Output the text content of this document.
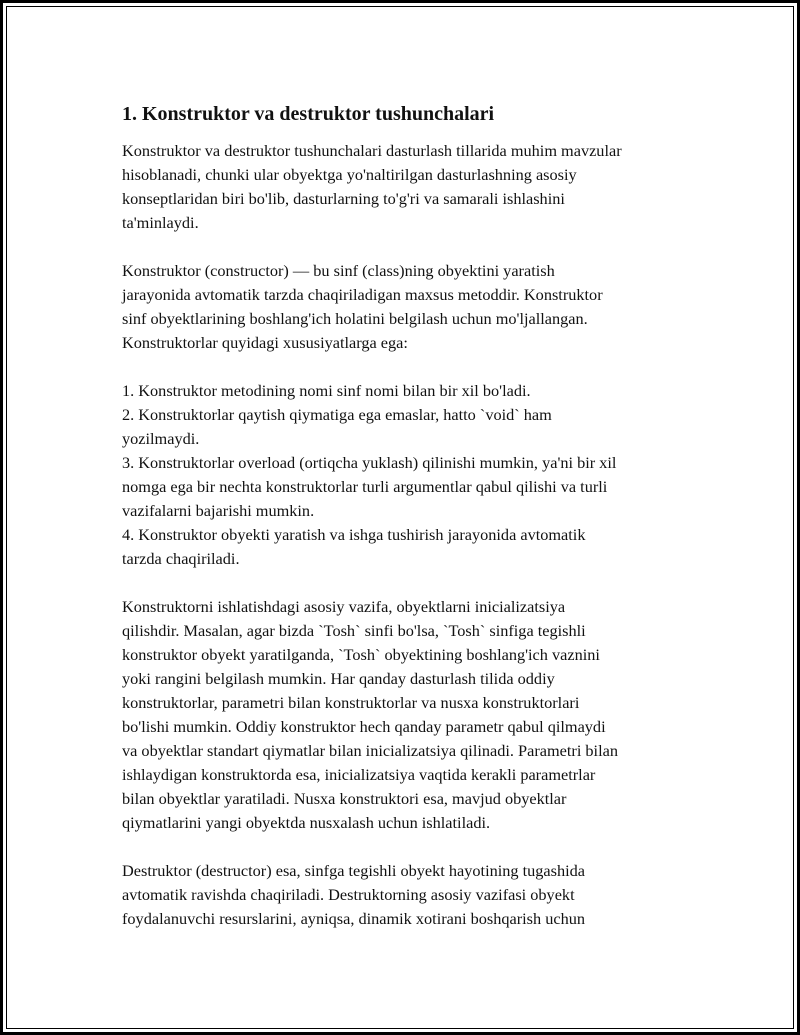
1. Konstruktor va destruktor tushunchalari

Konstruktor va destruktor tushunchalari dasturlash tillarida muhim mavzular
hisoblanadi, chunki ular obyektga yo'naltirilgan dasturlashning asosiy
konseptlaridan biri bo'lib, dasturlarning to'g'ri va samarali ishlashini
ta'minlaydi.

Konstruktor (constructor) — bu sinf (class)ning obyektini yaratish
jarayonida avtomatik tarzda chaqiriladigan maxsus metoddir. Konstruktor
sinf obyektlarining boshlang'ich holatini belgilash uchun mo'ljallangan.
Konstruktorlar quyidagi xususiyatlarga ega:

1. Konstruktor metodining nomi sinf nomi bilan bir xil bo'ladi.
2. Konstruktorlar qaytish qiymatiga ega emaslar, hatto `void` ham
yozilmaydi.
3. Konstruktorlar overload (ortiqcha yuklash) qilinishi mumkin, ya'ni bir xil
nomga ega bir nechta konstruktorlar turli argumentlar qabul qilishi va turli
vazifalarni bajarishi mumkin.
4. Konstruktor obyekti yaratish va ishga tushirish jarayonida avtomatik
tarzda chaqiriladi.

Konstruktorni ishlatishdagi asosiy vazifa, obyektlarni inicializatsiya
qilishdir. Masalan, agar bizda `Tosh` sinfi bo'lsa, `Tosh` sinfiga tegishli
konstruktor obyekt yaratilganda, `Tosh` obyektining boshlang'ich vaznini
yoki rangini belgilash mumkin. Har qanday dasturlash tilida oddiy
konstruktorlar, parametri bilan konstruktorlar va nusxa konstruktorlari
bo'lishi mumkin. Oddiy konstruktor hech qanday parametr qabul qilmaydi
va obyektlar standart qiymatlar bilan inicializatsiya qilinadi. Parametri bilan
ishlaydigan konstruktorda esa, inicializatsiya vaqtida kerakli parametrlar
bilan obyektlar yaratiladi. Nusxa konstruktori esa, mavjud obyektlar
qiymatlarini yangi obyektda nusxalash uchun ishlatiladi.

Destruktor (destructor) esa, sinfga tegishli obyekt hayotining tugashida
avtomatik ravishda chaqiriladi. Destruktorning asosiy vazifasi obyekt
foydalanuvchi resurslarini, ayniqsa, dinamik xotirani boshqarish uchun
